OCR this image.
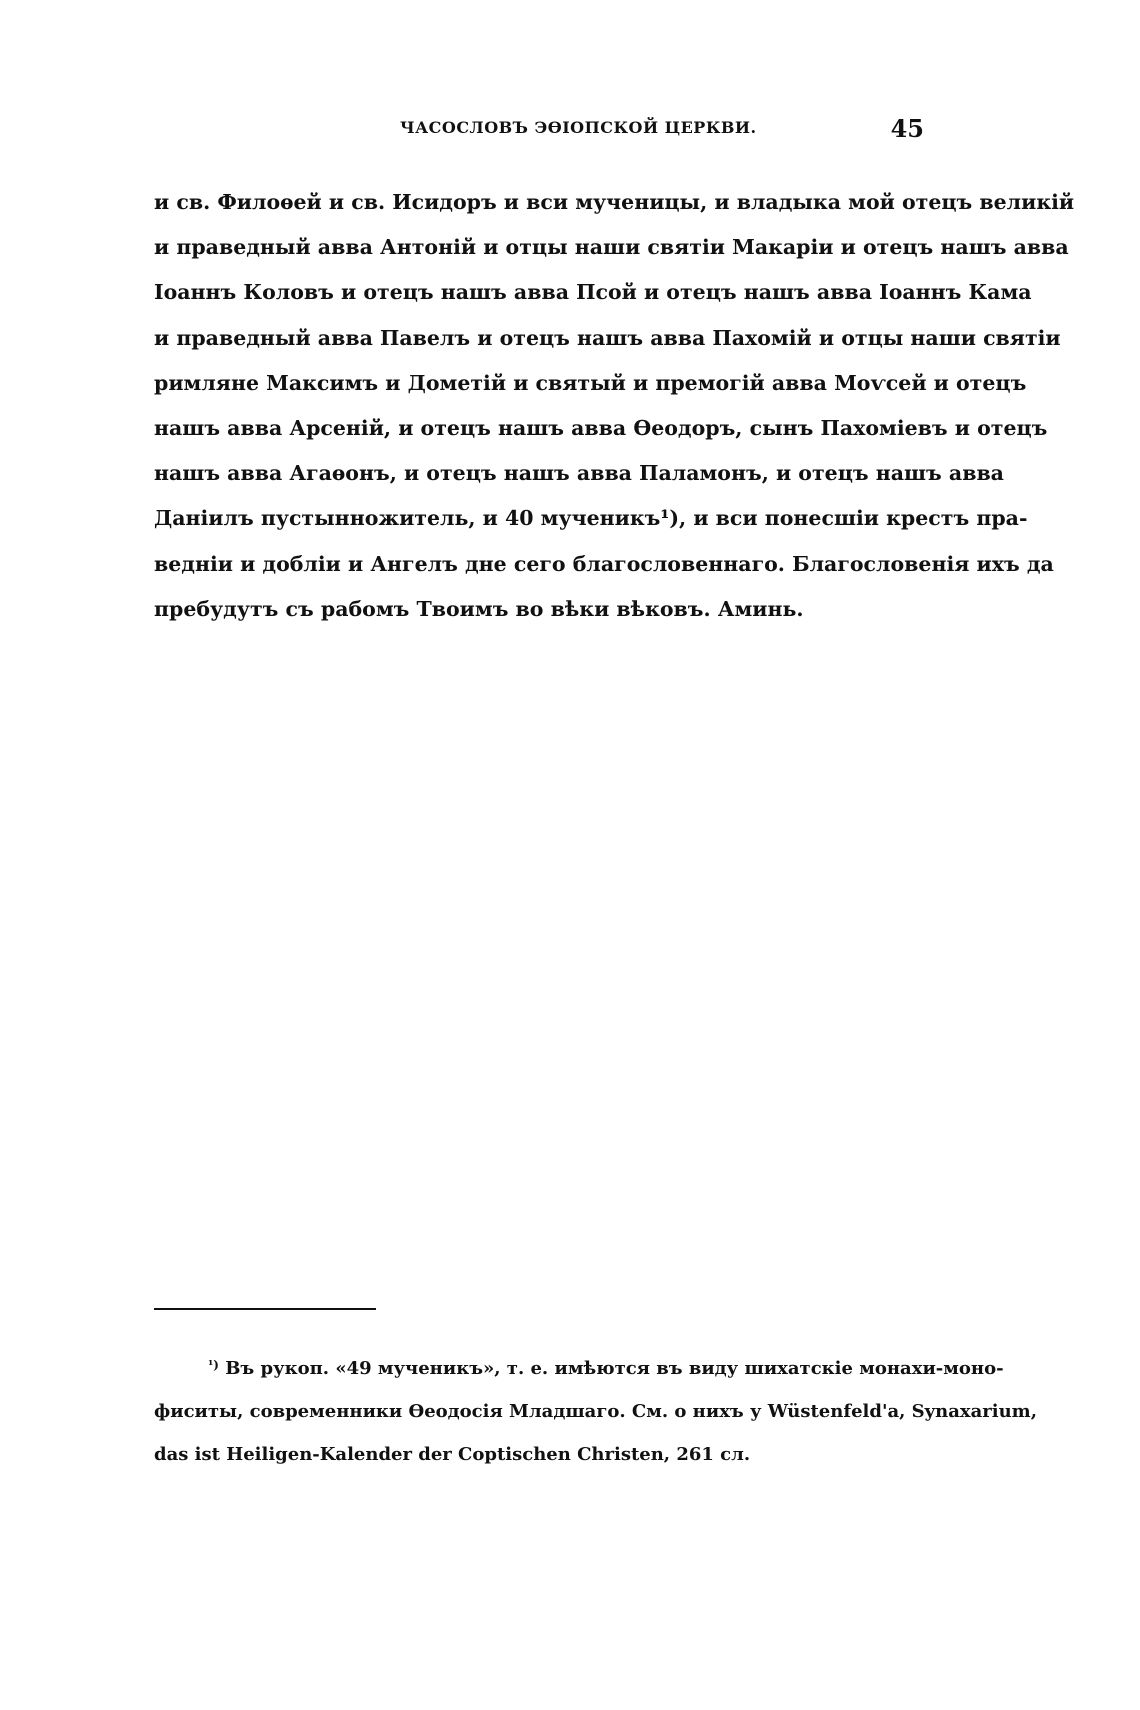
ЧАСОСЛОВЪ ЭѲІОПСКОЙ ЦЕРКВИ.	45
и св. Филоѳей и св. Исидоръ и вси мученицы, и владыка мой отецъ великій
и праведный авва Антоній и отцы наши святіи Макаріи и отецъ нашъ авва
Іоаннъ Коловъ и отецъ нашъ авва Псой и отецъ нашъ авва Іоаннъ Кама
и праведный авва Павелъ и отецъ нашъ авва Пахомій и отцы наши святіи
римляне Максимъ и Дометій и святый и премогій авва Моѵсей и отецъ
нашъ авва Арсеній, и отецъ нашъ авва Ѳеодоръ, сынъ Пахоміевъ и отецъ
нашъ авва Агаѳонъ, и отецъ нашъ авва Паламонъ, и отецъ нашъ авва
Даніилъ пустынножитель, и 40 мученикъ¹), и вси понесшіи крестъ пра-
ведніи и добліи и Ангелъ дне сего благословеннаго. Благословенія ихъ да
пребудутъ съ рабомъ Твоимъ во вѣки вѣковъ. Аминь.
$^{^1)}$ Въ рукоп. «49 мученикъ», т. е. имѣются въ виду шихатскіе монахи-моно-
фиситы, современники Ѳеодосія Младшаго. См. о нихъ у Wüstenfeld'a, Synaxarium,
das ist Heiligen-Kalender der Coptischen Christen, 261 сл.
